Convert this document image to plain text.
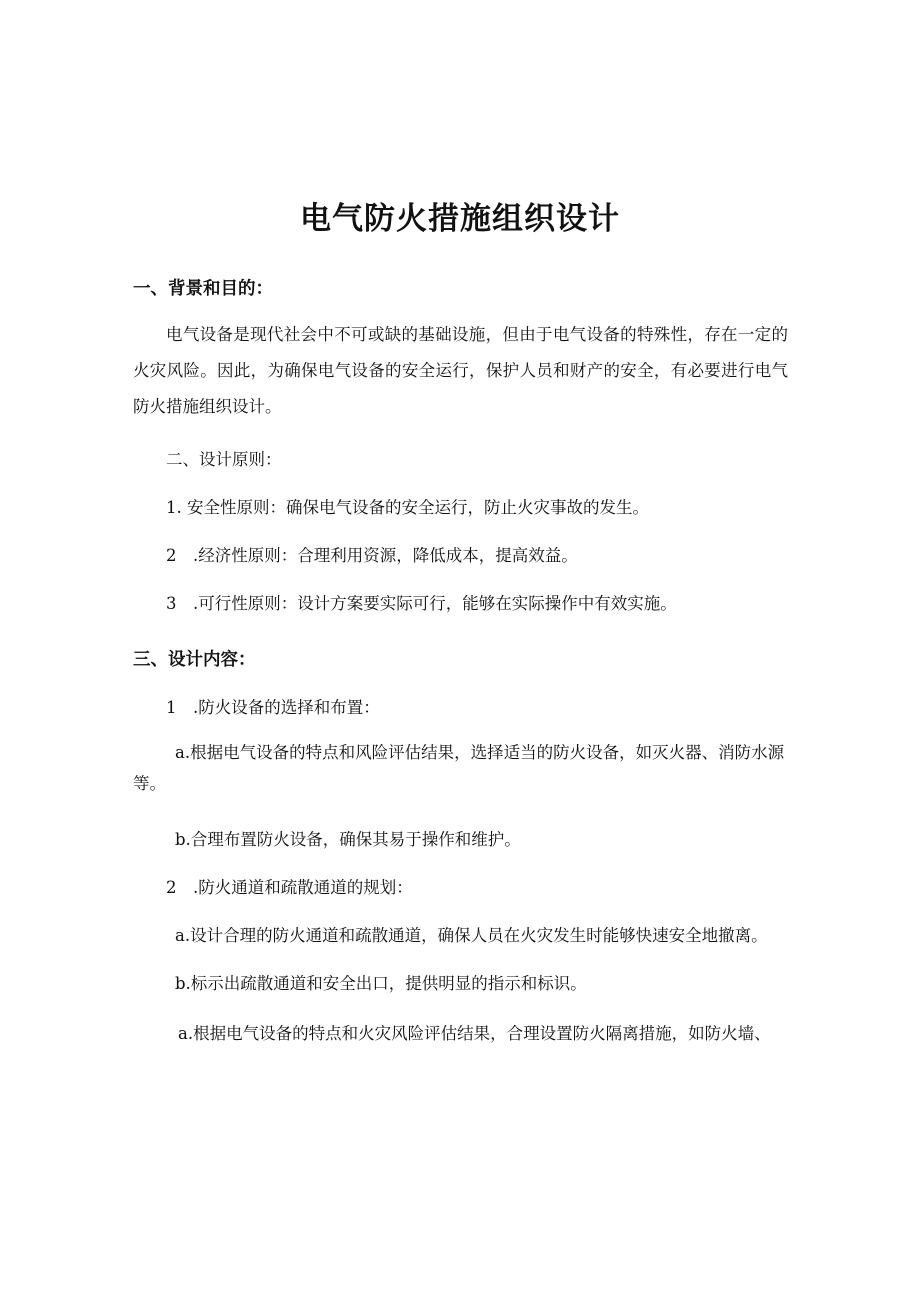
电气防火措施组织设计
一、背景和目的：

电气设备是现代社会中不可或缺的基础设施，但由于电气设备的特殊性，存在一定的火灾风险。因此，为确保电气设备的安全运行，保护人员和财产的安全，有必要进行电气防火措施组织设计。

二、设计原则：
1. 安全性原则：确保电气设备的安全运行，防止火灾事故的发生。
2　.经济性原则：合理利用资源，降低成本，提高效益。
3　.可行性原则：设计方案要实际可行，能够在实际操作中有效实施。
三、设计内容：
1　.防火设备的选择和布置：

a.根据电气设备的特点和风险评估结果，选择适当的防火设备，如灭火器、消防水源等。

b.合理布置防火设备，确保其易于操作和维护。
2　.防火通道和疏散通道的规划：
a.设计合理的防火通道和疏散通道，确保人员在火灾发生时能够快速安全地撤离。
b.标示出疏散通道和安全出口，提供明显的指示和标识。
a.根据电气设备的特点和火灾风险评估结果，合理设置防火隔离措施，如防火墙、
